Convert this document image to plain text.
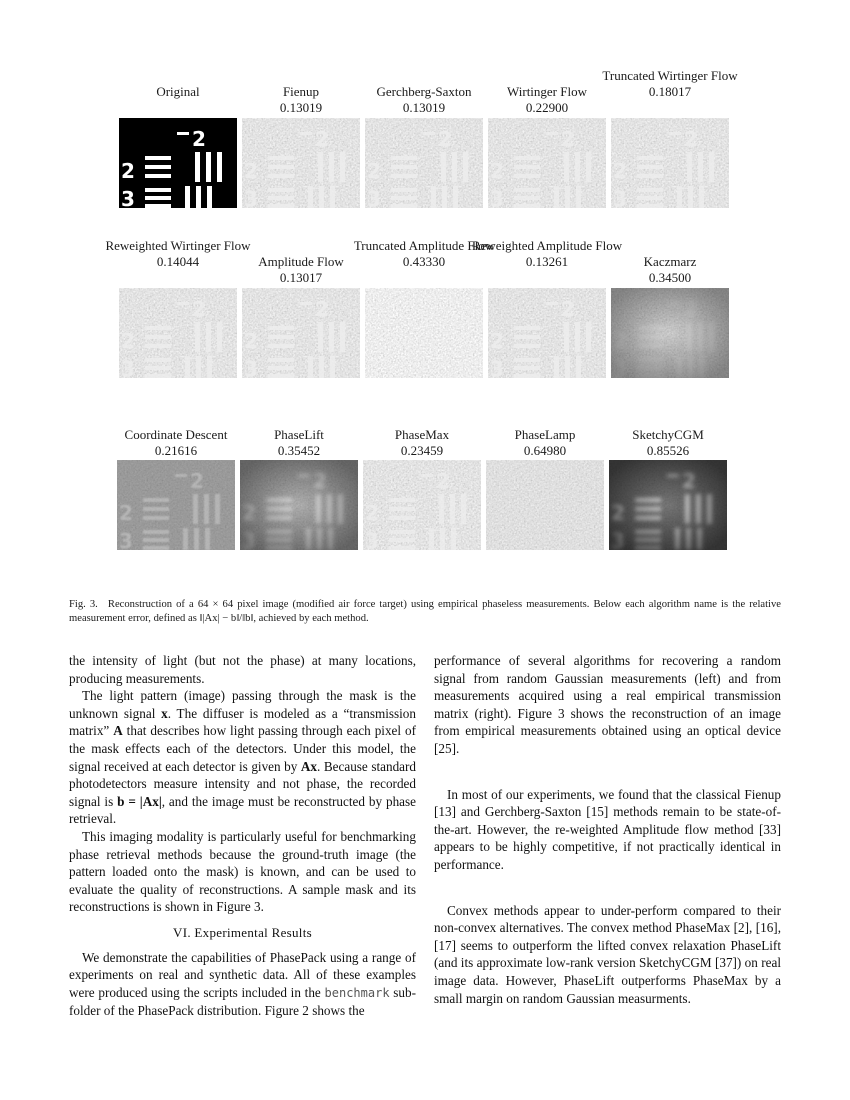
Original	Fienup
0.13019
Gerchberg-Saxton
0.13019
Wirtinger Flow
0.22900
Truncated Wirtinger Flow
0.18017
Reweighted Wirtinger Flow
0.14044	Amplitude Flow
0.13017
Truncated Amplitude Flow
0.43330
Reweighted Amplitude Flow
0.13261	Kaczmarz
0.34500
Coordinate Descent
0.21616
PhaseLift
0.35452
PhaseMax
0.23459
PhaseLamp
0.64980
SketchyCGM
0.85526
Fig. 3. Reconstruction of a 64 × 64 pixel image (modified air force target) using empirical phaseless measurements. Below each algorithm name is the relative measurement error, defined as ‖|Ax| − b‖/‖b‖, achieved by each method.

the intensity of light (but not the phase) at many locations, producing measurements.

The light pattern (image) passing through the mask is the unknown signal x. The diffuser is modeled as a “transmission matrix” A that describes how light passing through each pixel of the mask effects each of the detectors. Under this model, the signal received at each detector is given by Ax. Because standard photodetectors measure intensity and not phase, the recorded signal is b = |Ax|, and the image must be reconstructed by phase retrieval.

This imaging modality is particularly useful for benchmarking phase retrieval methods because the ground-truth image (the pattern loaded onto the mask) is known, and can be used to evaluate the quality of reconstructions. A sample mask and its reconstructions is shown in Figure 3.

VI. Experimental Results

We demonstrate the capabilities of PhasePack using a range of experiments on real and synthetic data. All of these examples were produced using the scripts included in the benchmark sub-folder of the PhasePack distribution. Figure 2 shows the

performance of several algorithms for recovering a random signal from random Gaussian measurements (left) and from measurements acquired using a real empirical transmission matrix (right). Figure 3 shows the reconstruction of an image from empirical measurements obtained using an optical device [25].

In most of our experiments, we found that the classical Fienup [13] and Gerchberg-Saxton [15] methods remain to be state-of-the-art. However, the re-weighted Amplitude flow method [33] appears to be highly competitive, if not practically identical in performance.

Convex methods appear to under-perform compared to their non-convex alternatives. The convex method PhaseMax [2], [16], [17] seems to outperform the lifted convex relaxation PhaseLift (and its approximate low-rank version SketchyCGM [37]) on real image data. However, PhaseLift outperforms PhaseMax by a small margin on random Gaussian measurments.
